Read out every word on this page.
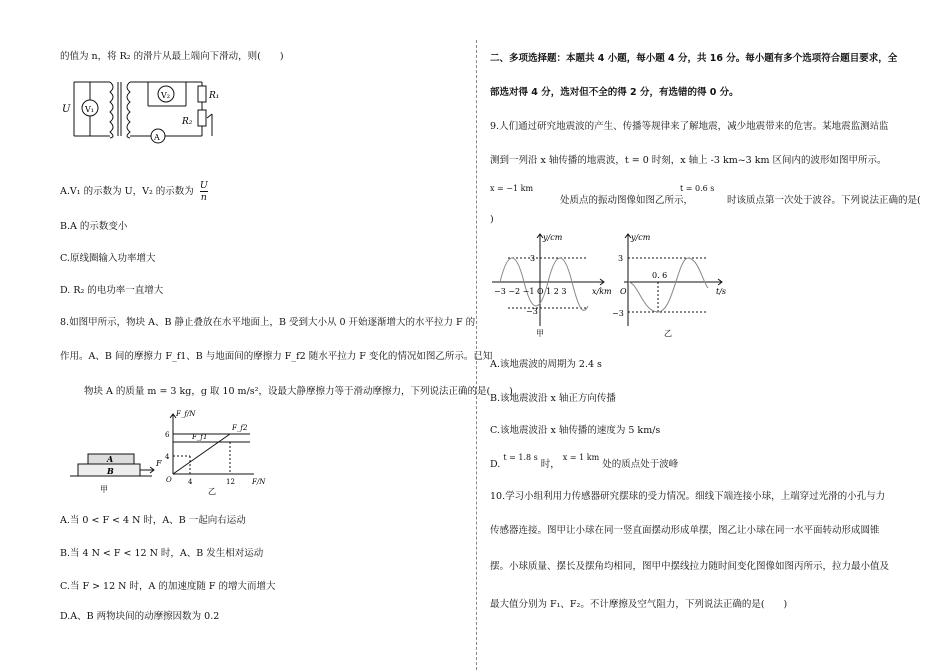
的值为 n，将 R₂ 的滑片从最上端向下滑动，则(　　)
U V₁
V₂	R₁
R₂
A
A.V₁ 的示数为 U，V₂ 的示数为 $\frac{U}{n}$
B.A 的示数变小
C.原线圈输入功率增大
D. R₂ 的电功率一直增大
8.如图甲所示，物块 A、B 静止叠放在水平地面上，B 受到大小从 0 开始逐渐增大的水平拉力 F 的
作用。A、B 间的摩擦力 F_f1、B 与地面间的摩擦力 F_f2 随水平拉力 F 变化的情况如图乙所示。已知
物块 A 的质量 m = 3 kg，g 取 10 m/s²，设最大静摩擦力等于滑动摩擦力，下列说法正确的是(　　)
A
B
F
F_f/N
F/N
6
4
4	12
O
F_f1
F_f2
甲	乙
A.当 0 < F < 4 N 时，A、B 一起向右运动
B.当 4 N < F < 12 N 时，A、B 发生相对运动
C.当 F > 12 N 时，A 的加速度随 F 的增大而增大
D.A、B 两物块间的动摩擦因数为 0.2
二、多项选择题：本题共 4 小题，每小题 4 分，共 16 分。每小题有多个选项符合题目要求，全
部选对得 4 分，选对但不全的得 2 分，有选错的得 0 分。
9.人们通过研究地震波的产生、传播等规律来了解地震，减少地震带来的危害。某地震监测站监
测到一列沿 x 轴传播的地震波，t = 0 时刻，x 轴上 -3 km~3 km 区间内的波形如图甲所示。
x = −1 km
处质点的振动图像如图乙所示，
t = 0.6 s
时该质点第一次处于波谷。下列说法正确的是(
)
y/cm
x/km
3
−3
−3 −2 −1 O 1 2 3
甲
y/cm
t/s
3
−3
O
0. 6
乙
A.该地震波的周期为 2.4 s
B.该地震波沿 x 轴正方向传播
C.该地震波沿 x 轴传播的速度为 5 km/s
D. $^{t = 1.8 s}$ 时， $^{x = 1 km}$ 处的质点处于波峰
10.学习小组利用力传感器研究摆球的受力情况。细线下端连接小球，上端穿过光滑的小孔与力
传感器连接。图甲让小球在同一竖直面摆动形成单摆，图乙让小球在同一水平面转动形成圆锥
摆。小球质量、摆长及摆角均相同，图甲中摆线拉力随时间变化图像如图丙所示，拉力最小值及
最大值分别为 F₁、F₂。不计摩擦及空气阻力，下列说法正确的是(　　)
